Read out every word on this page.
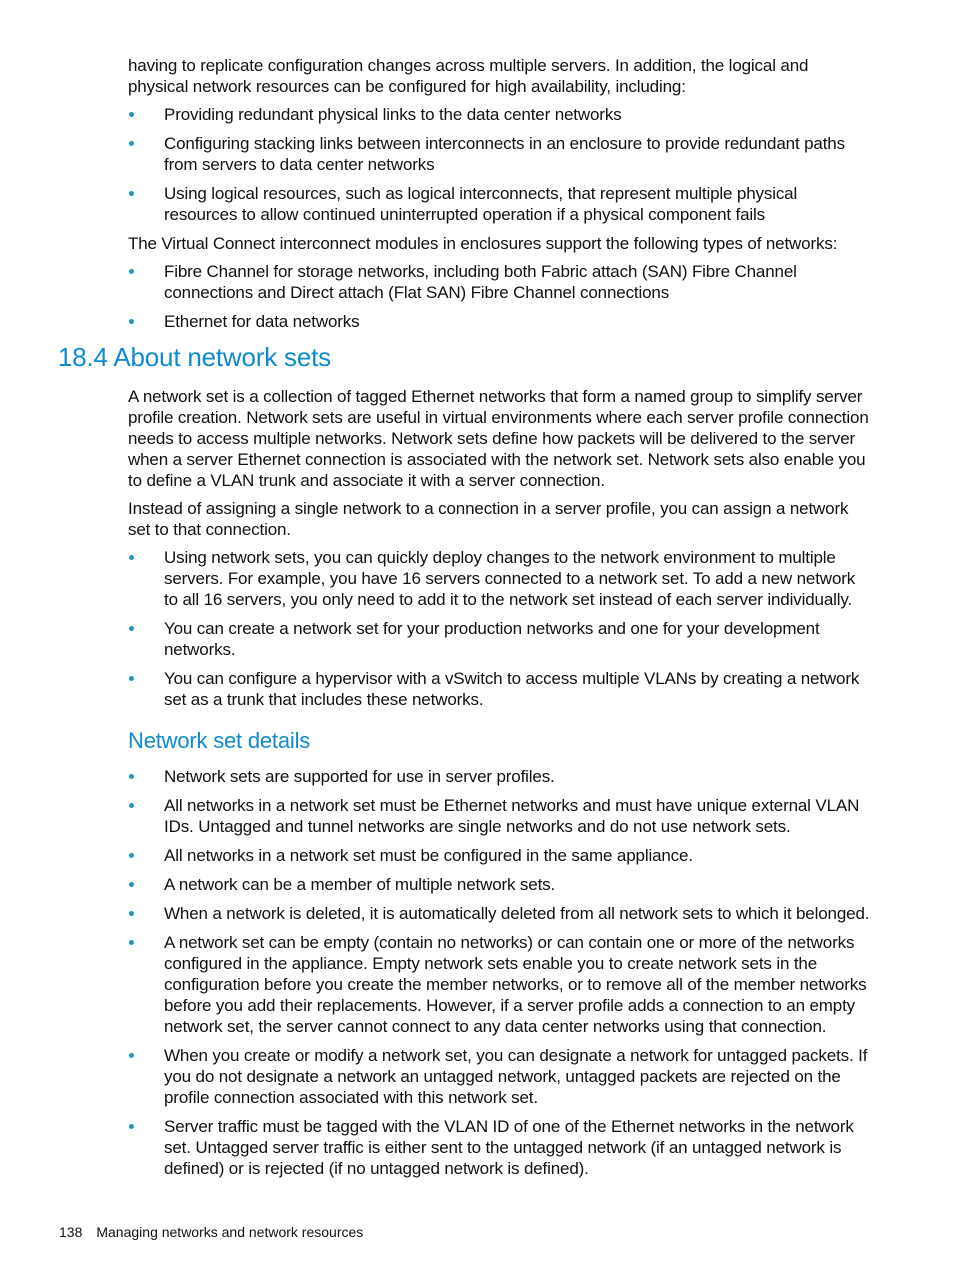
having to replicate configuration changes across multiple servers. In addition, the logical and physical network resources can be configured for high availability, including:

Providing redundant physical links to the data center networks
Configuring stacking links between interconnects in an enclosure to provide redundant paths from servers to data center networks
Using logical resources, such as logical interconnects, that represent multiple physical resources to allow continued uninterrupted operation if a physical component fails

The Virtual Connect interconnect modules in enclosures support the following types of networks:

Fibre Channel for storage networks, including both Fabric attach (SAN) Fibre Channel connections and Direct attach (Flat SAN) Fibre Channel connections
Ethernet for data networks
18.4 About network sets

A network set is a collection of tagged Ethernet networks that form a named group to simplify server profile creation. Network sets are useful in virtual environments where each server profile connection needs to access multiple networks. Network sets define how packets will be delivered to the server when a server Ethernet connection is associated with the network set. Network sets also enable you to define a VLAN trunk and associate it with a server connection.

Instead of assigning a single network to a connection in a server profile, you can assign a network set to that connection.

Using network sets, you can quickly deploy changes to the network environment to multiple servers. For example, you have 16 servers connected to a network set. To add a new network to all 16 servers, you only need to add it to the network set instead of each server individually.
You can create a network set for your production networks and one for your development networks.
You can configure a hypervisor with a vSwitch to access multiple VLANs by creating a network set as a trunk that includes these networks.
Network set details
Network sets are supported for use in server profiles.
All networks in a network set must be Ethernet networks and must have unique external VLAN IDs. Untagged and tunnel networks are single networks and do not use network sets.
All networks in a network set must be configured in the same appliance.
A network can be a member of multiple network sets.
When a network is deleted, it is automatically deleted from all network sets to which it belonged.
A network set can be empty (contain no networks) or can contain one or more of the networks configured in the appliance. Empty network sets enable you to create network sets in the configuration before you create the member networks, or to remove all of the member networks before you add their replacements. However, if a server profile adds a connection to an empty network set, the server cannot connect to any data center networks using that connection.
When you create or modify a network set, you can designate a network for untagged packets. If you do not designate a network an untagged network, untagged packets are rejected on the profile connection associated with this network set.
Server traffic must be tagged with the VLAN ID of one of the Ethernet networks in the network set. Untagged server traffic is either sent to the untagged network (if an untagged network is defined) or is rejected (if no untagged network is defined).
138 Managing networks and network resources
